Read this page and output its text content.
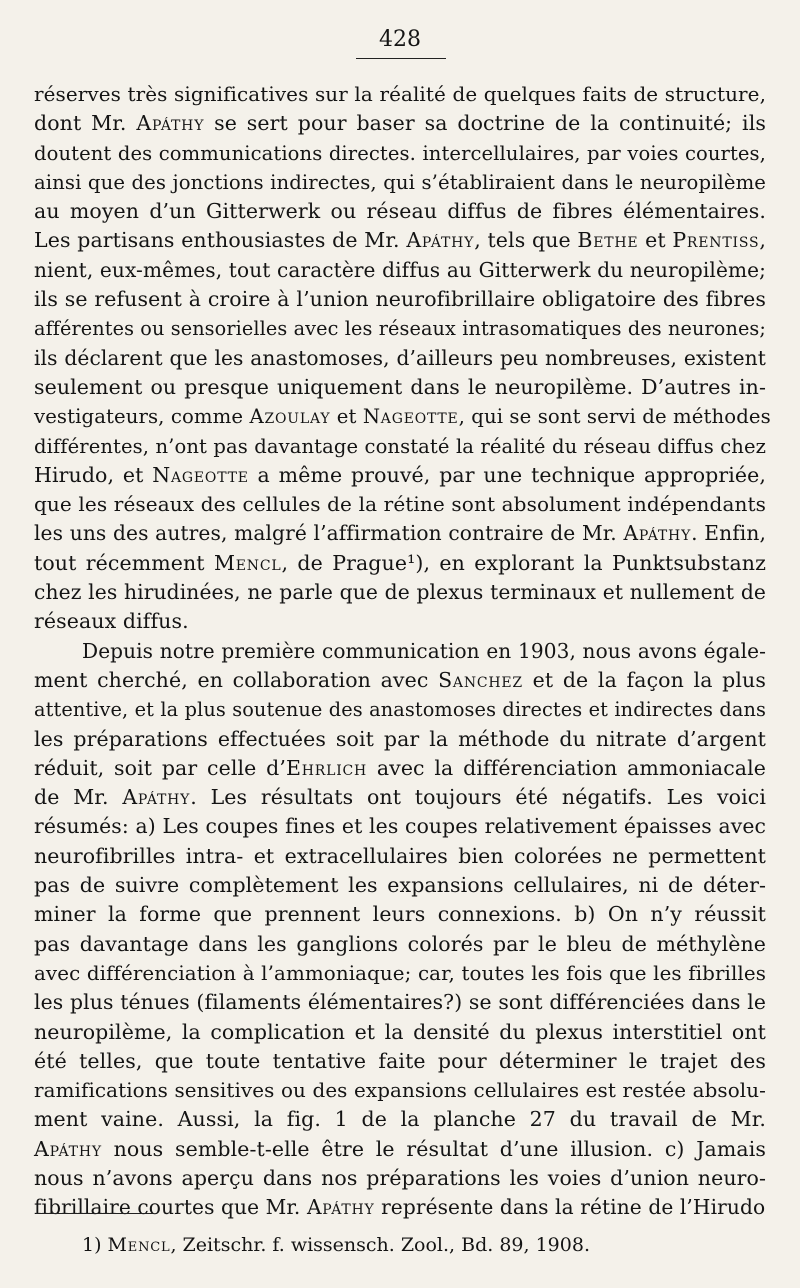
428
réserves très significatives sur la réalité de quelques faits de structure,
dont Mr. Apáthy se sert pour baser sa doctrine de la continuité; ils
doutent des communications directes. intercellulaires, par voies courtes,
ainsi que des jonctions indirectes, qui s’établiraient dans le neuropilème
au moyen d’un Gitterwerk ou réseau diffus de fibres élémentaires.
Les partisans enthousiastes de Mr. Apáthy, tels que Bethe et Prentiss,
nient, eux-mêmes, tout caractère diffus au Gitterwerk du neuropilème;
ils se refusent à croire à l’union neurofibrillaire obligatoire des fibres
afférentes ou sensorielles avec les réseaux intrasomatiques des neurones;
ils déclarent que les anastomoses, d’ailleurs peu nombreuses, existent
seulement ou presque uniquement dans le neuropilème. D’autres in-
vestigateurs, comme Azoulay et Nageotte, qui se sont servi de méthodes
différentes, n’ont pas davantage constaté la réalité du réseau diffus chez
Hirudo, et Nageotte a même prouvé, par une technique appropriée,
que les réseaux des cellules de la rétine sont absolument indépendants
les uns des autres, malgré l’affirmation contraire de Mr. Apáthy. Enfin,
tout récemment Mencl, de Prague¹), en explorant la Punktsubstanz
chez les hirudinées, ne parle que de plexus terminaux et nullement de
réseaux diffus.
Depuis notre première communication en 1903, nous avons égale-
ment cherché, en collaboration avec Sanchez et de la façon la plus
attentive, et la plus soutenue des anastomoses directes et indirectes dans
les préparations effectuées soit par la méthode du nitrate d’argent
réduit, soit par celle d’Ehrlich avec la différenciation ammoniacale
de Mr. Apáthy. Les résultats ont toujours été négatifs. Les voici
résumés: a) Les coupes fines et les coupes relativement épaisses avec
neurofibrilles intra- et extracellulaires bien colorées ne permettent
pas de suivre complètement les expansions cellulaires, ni de déter-
miner la forme que prennent leurs connexions. b) On n’y réussit
pas davantage dans les ganglions colorés par le bleu de méthylène
avec différenciation à l’ammoniaque; car, toutes les fois que les fibrilles
les plus ténues (filaments élémentaires?) se sont différenciées dans le
neuropilème, la complication et la densité du plexus interstitiel ont
été telles, que toute tentative faite pour déterminer le trajet des
ramifications sensitives ou des expansions cellulaires est restée absolu-
ment vaine. Aussi, la fig. 1 de la planche 27 du travail de Mr.
Apáthy nous semble-t-elle être le résultat d’une illusion. c) Jamais
nous n’avons aperçu dans nos préparations les voies d’union neuro-
fibrillaire courtes que Mr. Apáthy représente dans la rétine de l’Hirudo
1) Mencl, Zeitschr. f. wissensch. Zool., Bd. 89, 1908.
